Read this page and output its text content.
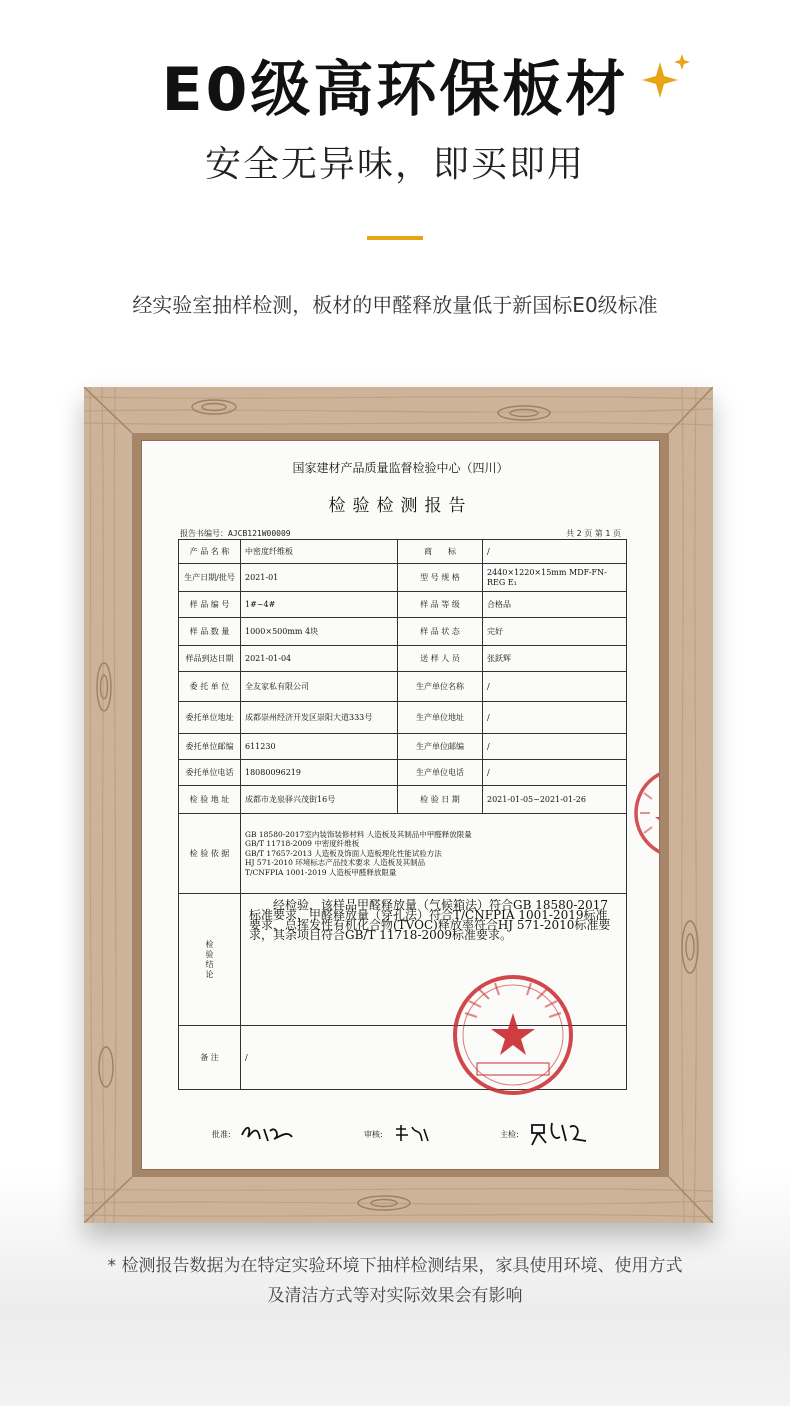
E0级高环保板材
安全无异味，即买即用
经实验室抽样检测，板材的甲醛释放量低于新国标E0级标准
国家建材产品质量监督检验中心（四川）
检验检测报告
报告书编号：AJCB121W00009	共 2 页 第 1 页
产 品 名 称	中密度纤维板	商　　标	/
生产日期/批号	2021-01	型 号 规 格	2440×1220×15mm MDF-FN-REG E₁
样 品 编 号	1#~4#	样 品 等 级	合格品
样 品 数 量	1000×500mm 4块	样 品 状 态	完好
样品到达日期	2021-01-04	送 样 人 员	张跃辉
委 托 单 位	全友家私有限公司	生产单位名称	/
委托单位地址	成都崇州经济开发区崇阳大道333号	生产单位地址	/
委托单位邮编	611230	生产单位邮编	/
委托单位电话	18080096219	生产单位电话	/
检 验 地 址	成都市龙泉驿兴茂街16号	检 验 日 期	2021-01-05~2021-01-26
检 验 依 据	GB 18580-2017室内装饰装修材料 人造板及其制品中甲醛释放限量
GB/T 11718-2009 中密度纤维板
GB/T 17657-2013 人造板及饰面人造板理化性能试验方法
HJ 571-2010 环境标志产品技术要求 人造板及其制品
T/CNFPIA 1001-2019 人造板甲醛释放限量		

检
验
结
论	经检验，该样品甲醛释放量（气候箱法）符合GB 18580-2017标准要求，甲醛释放量（穿孔法）符合T/CNFPIA 1001-2019标准要求，总挥发性有机化合物(TVOC)释放率符合HJ 571-2010标准要求，其余项目符合GB/T 11718-2009标准要求。		

备 注	/		
批准:	审核:	主检:
* 检测报告数据为在特定实验环境下抽样检测结果，家具使用环境、使用方式
及清洁方式等对实际效果会有影响
